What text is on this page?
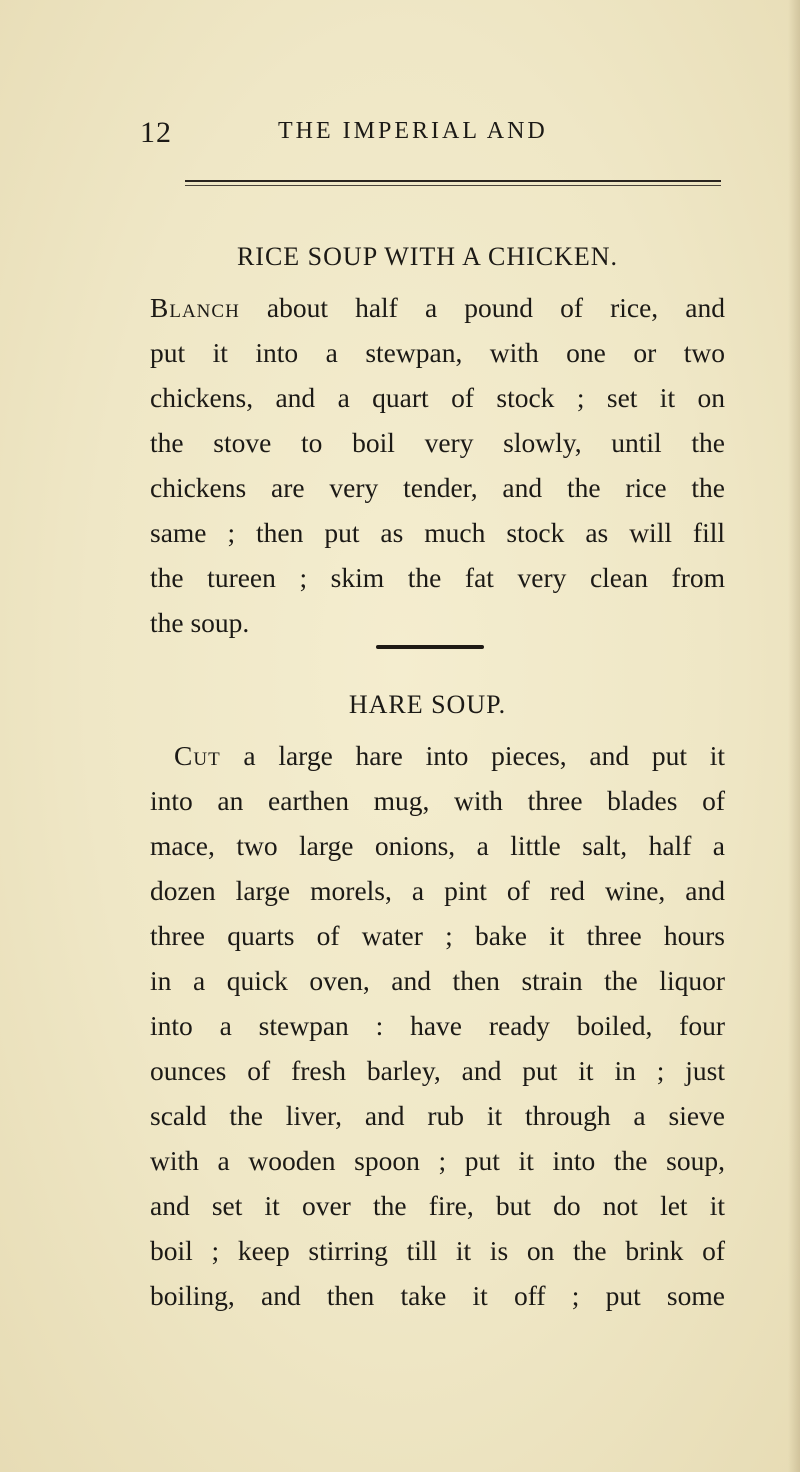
12	THE IMPERIAL AND
RICE SOUP WITH A CHICKEN.
Blanch about half a pound of rice, and
put it into a stewpan, with one or two
chickens, and a quart of stock ; set it on
the stove to boil very slowly, until the
chickens are very tender, and the rice the
same ; then put as much stock as will fill
the tureen ; skim the fat very clean from
the soup.
HARE SOUP.
Cut a large hare into pieces, and put it
into an earthen mug, with three blades of
mace, two large onions, a little salt, half a
dozen large morels, a pint of red wine, and
three quarts of water ; bake it three hours
in a quick oven, and then strain the liquor
into a stewpan : have ready boiled, four
ounces of fresh barley, and put it in ; just
scald the liver, and rub it through a sieve
with a wooden spoon ; put it into the soup,
and set it over the fire, but do not let it
boil ; keep stirring till it is on the brink of
boiling, and then take it off ; put some
